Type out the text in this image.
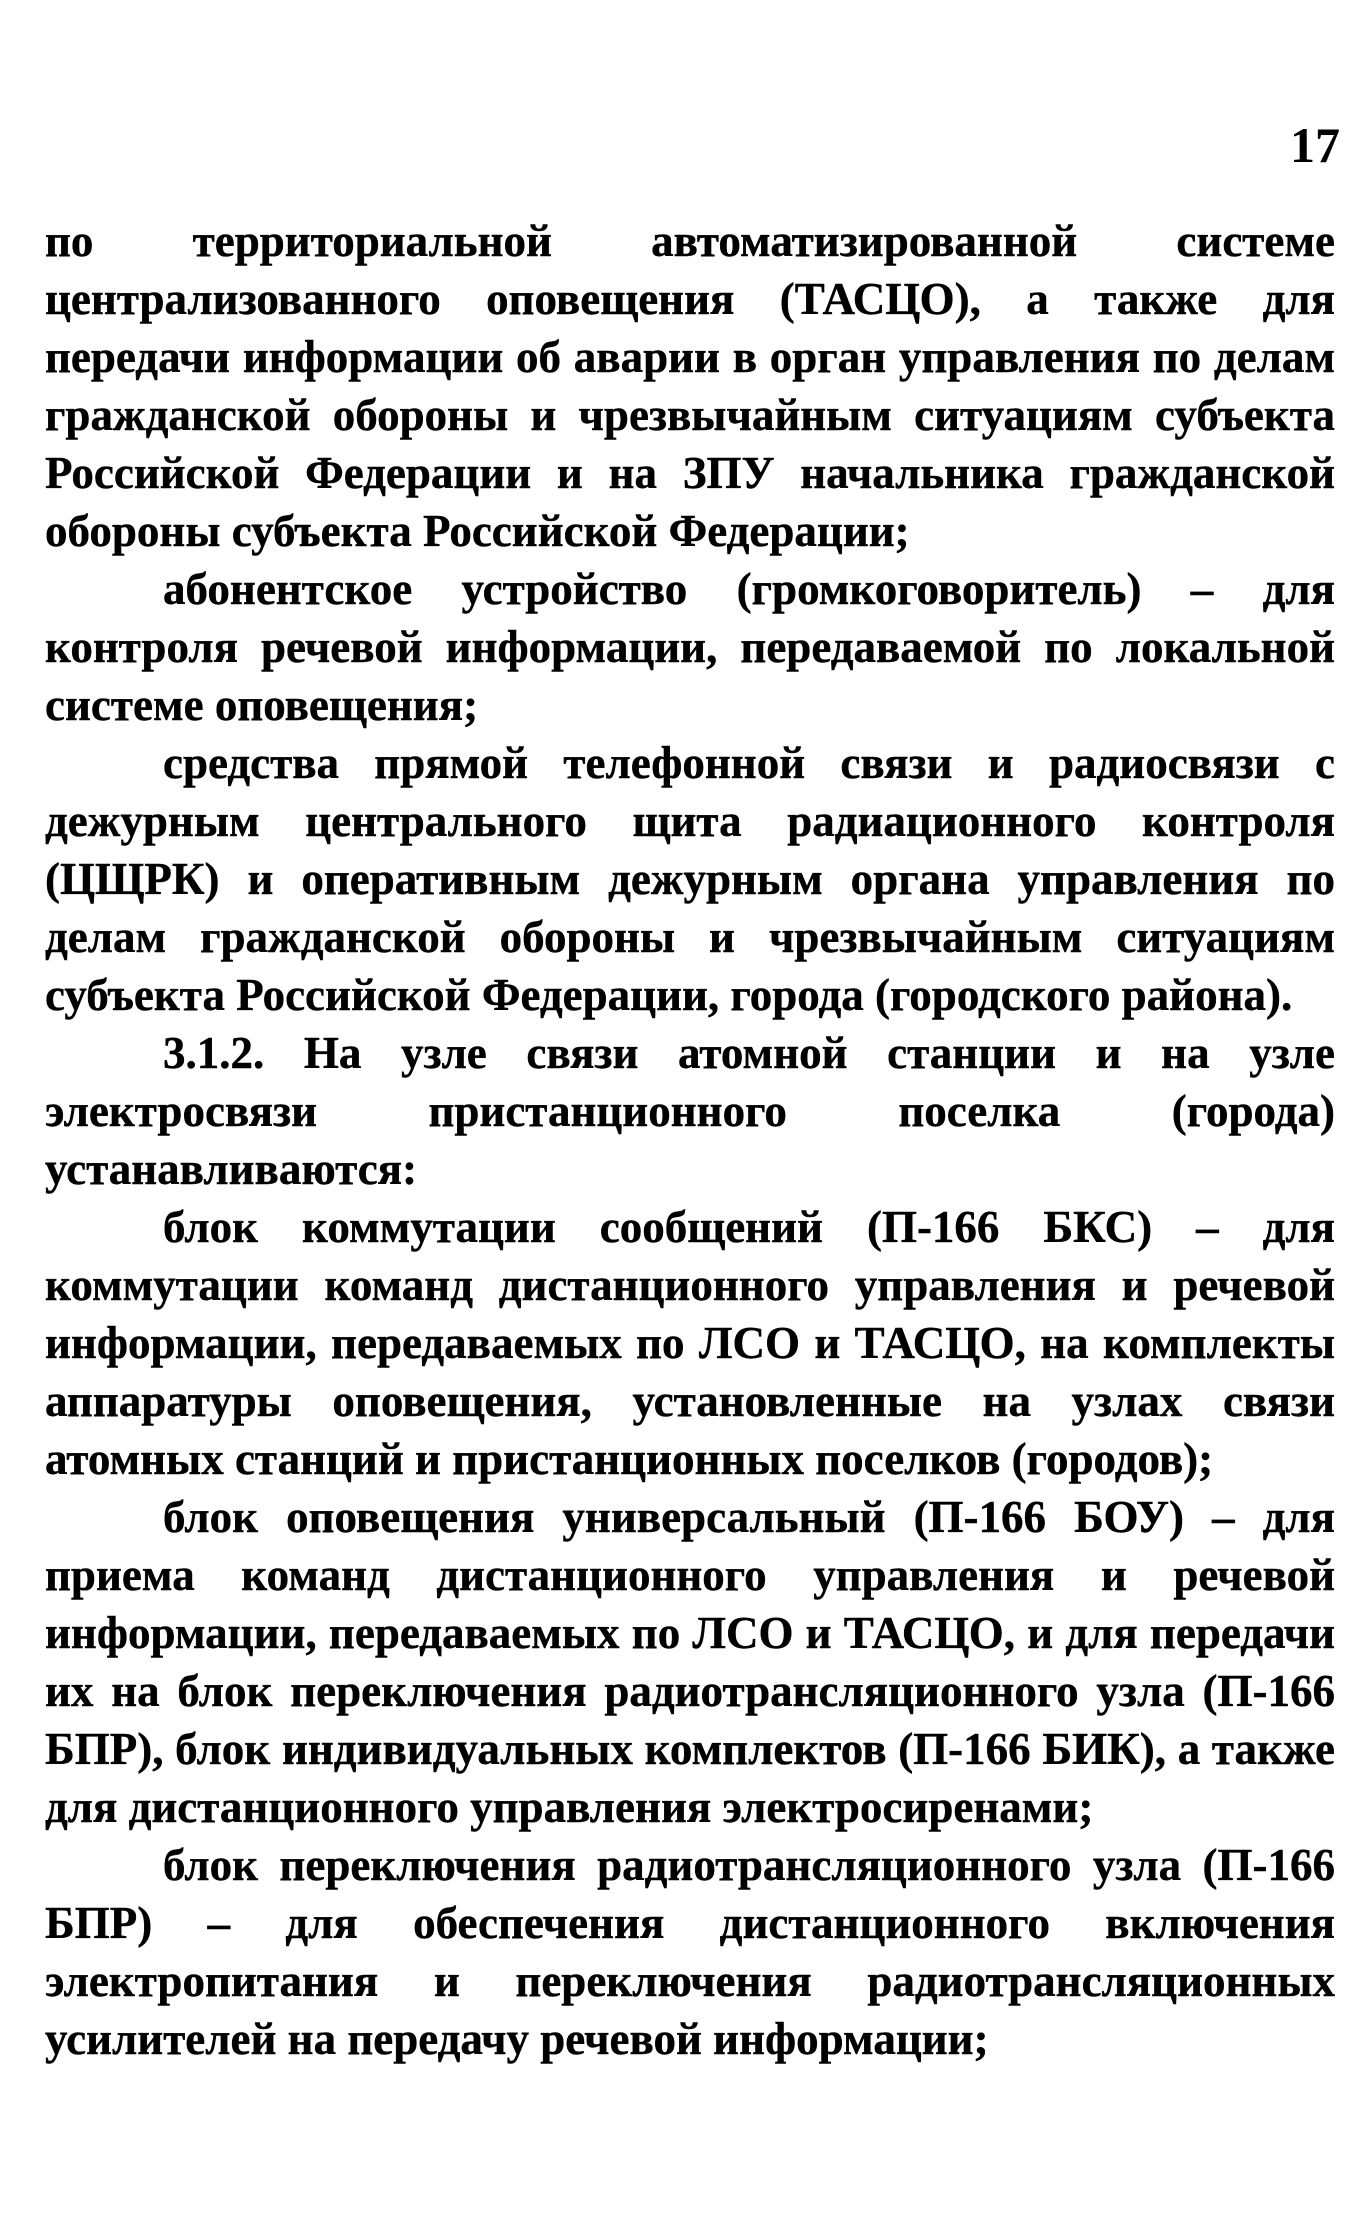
17

по территориальной автоматизированной системе централизованного оповещения (ТАСЦО), а также для передачи информации об аварии в орган управления по делам гражданской обороны и чрезвычайным ситуациям субъекта Российской Федерации и на ЗПУ начальника гражданской обороны субъекта Российской Федерации;

абонентское устройство (громкоговоритель) – для контроля речевой информации, передаваемой по локальной системе оповещения;

средства прямой телефонной связи и радиосвязи с дежурным центрального щита радиационного контроля (ЦЩРК) и оперативным дежурным органа управления по делам гражданской обороны и чрезвычайным ситуациям субъекта Российской Федерации, города (городского района).

3.1.2. На узле связи атомной станции и на узле электросвязи пристанционного поселка (города) устанавливаются:

блок коммутации сообщений (П-166 БКС) – для коммутации команд дистанционного управления и речевой информации, передаваемых по ЛСО и ТАСЦО, на комплекты аппаратуры оповещения, установленные на узлах связи атомных станций и пристанционных поселков (городов);

блок оповещения универсальный (П-166 БОУ) – для приема команд дистанционного управления и речевой информации, передаваемых по ЛСО и ТАСЦО, и для передачи их на блок переключения радиотрансляционного узла (П-166 БПР), блок индивидуальных комплектов (П-166 БИК), а также для дистанционного управления электросиренами;

блок переключения радиотрансляционного узла (П-166 БПР) – для обеспечения дистанционного включения электропитания и переключения радиотрансляционных усилителей на передачу речевой информации;
